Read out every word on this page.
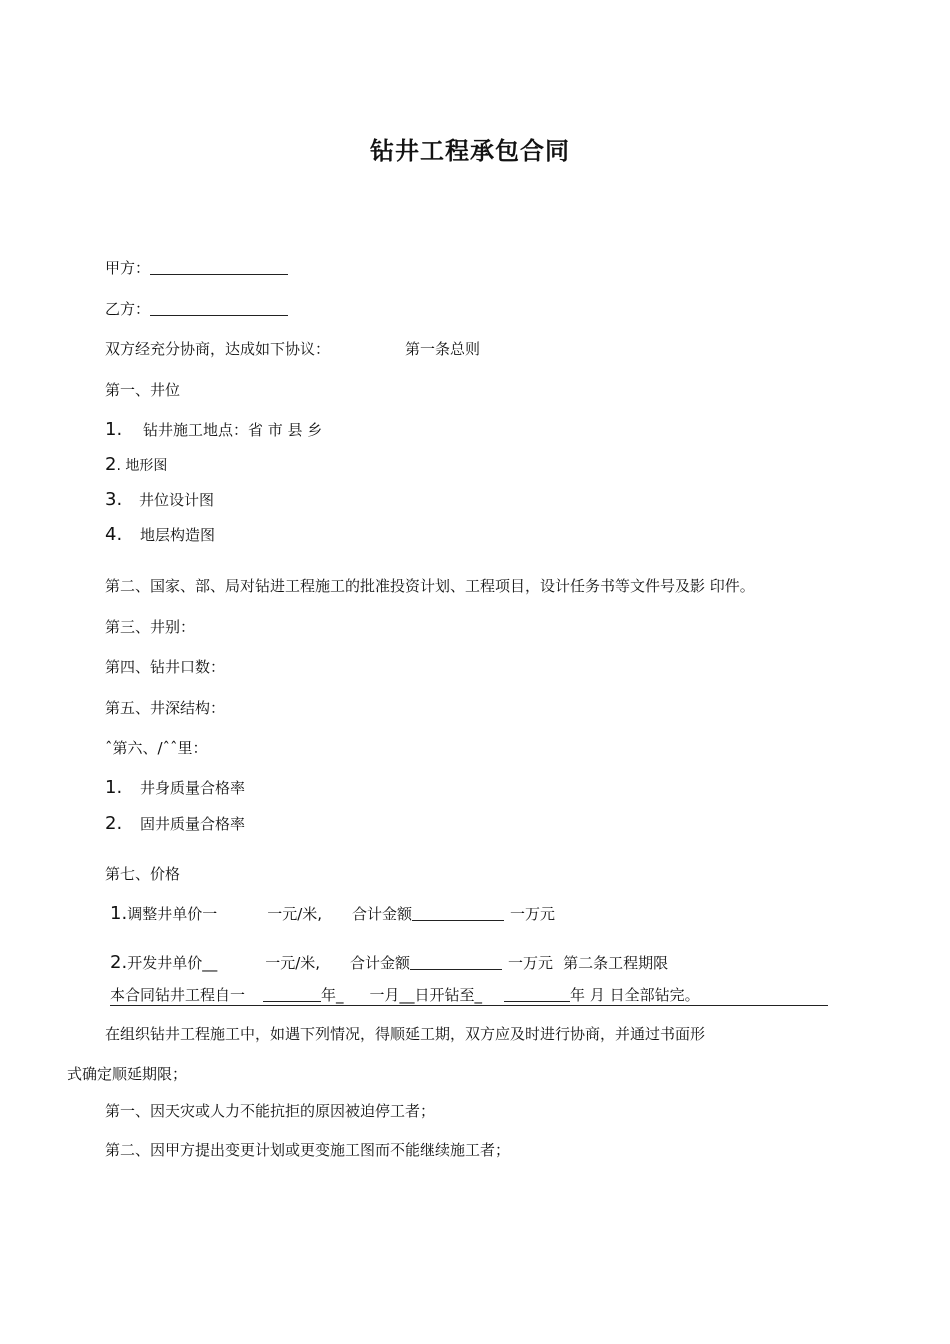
钻井工程承包合同
甲方：
乙方：
双方经充分协商，达成如下协议：	第一条总则
第一、井位
1. 钻井施工地点：省 市 县 乡
2. 地形图
3. 井位设计图
4. 地层构造图
第二、国家、部、局对钻进工程施工的批准投资计划、工程项目，设计任务书等文件号及影 印件。
第三、井别：
第四、钻井口数：
第五、井深结构：
ˆ第六、/ˆˆ里：
1. 井身质量合格率
2. 固井质量合格率
第七、价格
1.调整井单价一	一元/米, 合计金额	一万元
2.开发井单价__	一元/米, 合计金额	一万元 第二条工程期限
本合同钻井工程自一	年_ 一月__日开钻至_	年 月 日全部钻完。
在组织钻井工程施工中，如遇下列情况，得顺延工期，双方应及时进行协商，并通过书面形
式确定顺延期限；
第一、因天灾或人力不能抗拒的原因被迫停工者；
第二、因甲方提出变更计划或更变施工图而不能继续施工者；
